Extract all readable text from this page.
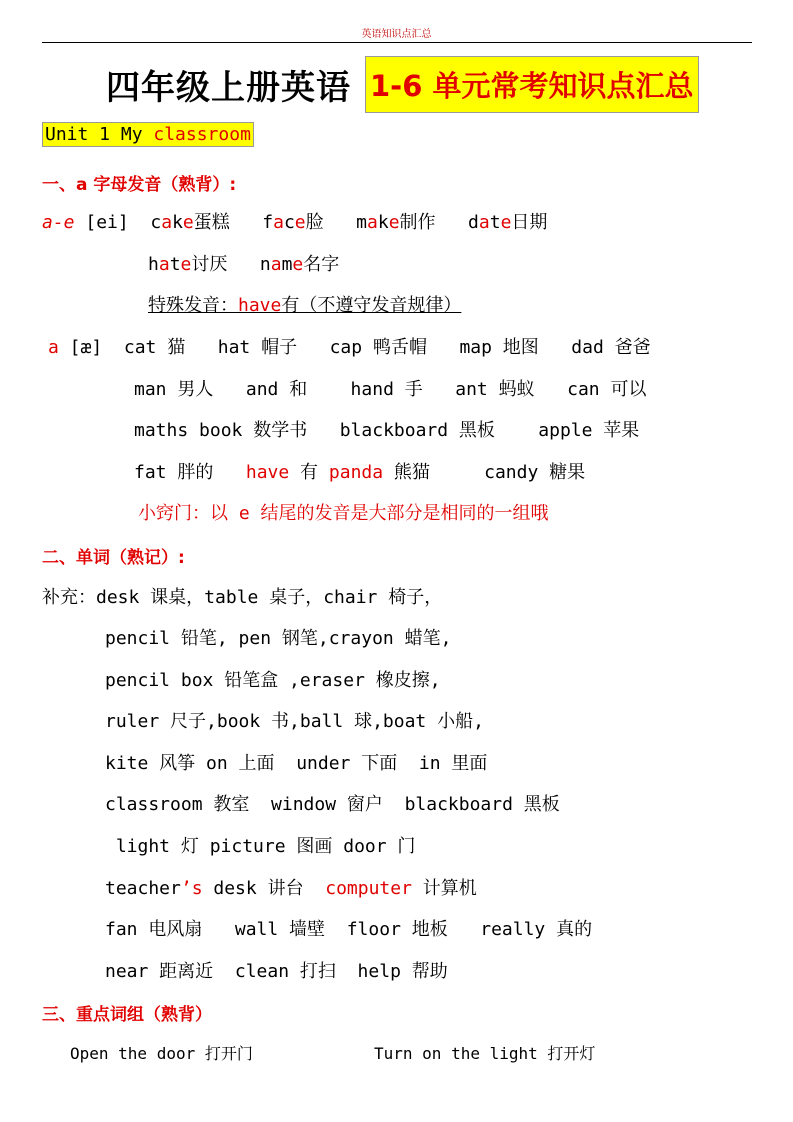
英语知识点汇总
四年级上册英语 1-6 单元常考知识点汇总
Unit 1 My classroom
一、a 字母发音（熟背）:
a-e [ei]  cake蛋糕   face脸   make制作   date日期
hate讨厌   name名字
特殊发音：have有（不遵守发音规律）
a [æ]  cat 猫   hat 帽子   cap 鸭舌帽   map 地图   dad 爸爸
man 男人   and 和    hand 手   ant 蚂蚁   can 可以
maths book 数学书   blackboard 黑板    apple 苹果
fat 胖的   have 有 panda 熊猫     candy 糖果
小窍门：以 e 结尾的发音是大部分是相同的一组哦
二、单词（熟记）:
补充：desk 课桌，table 桌子，chair 椅子，
pencil 铅笔, pen 钢笔,crayon 蜡笔,
pencil box 铅笔盒 ,eraser 橡皮擦,
ruler 尺子,book 书,ball 球,boat 小船,
kite 风筝 on 上面  under 下面  in 里面
classroom 教室  window 窗户  blackboard 黑板
light 灯 picture 图画 door 门
teacher’s desk 讲台  computer 计算机
fan 电风扇   wall 墙壁  floor 地板   really 真的
near 距离近  clean 打扫  help 帮助
三、重点词组（熟背）
Open the door 打开门	Turn on the light 打开灯
